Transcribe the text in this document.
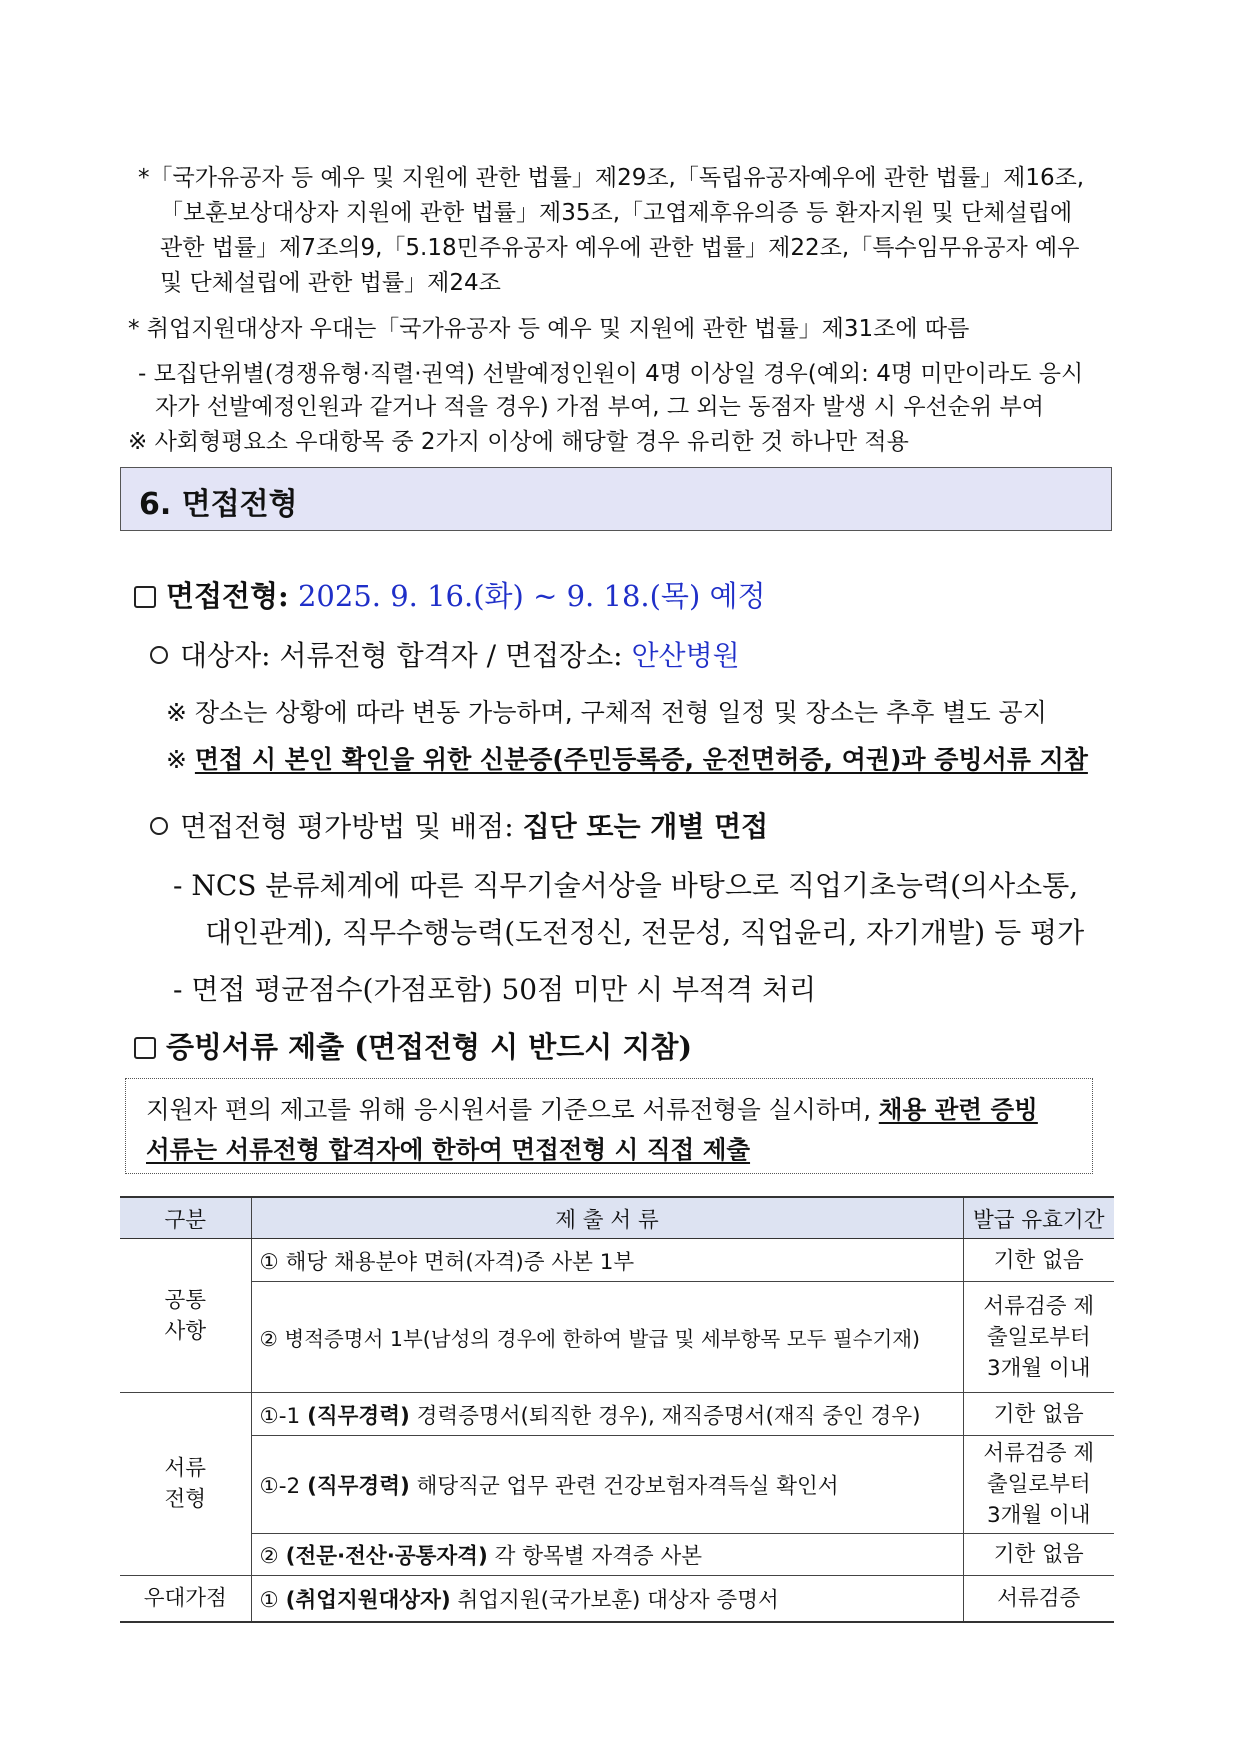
*「국가유공자 등 예우 및 지원에 관한 법률」제29조,「독립유공자예우에 관한 법률」제16조,
「보훈보상대상자 지원에 관한 법률」제35조,「고엽제후유의증 등 환자지원 및 단체설립에
관한 법률」제7조의9,「5.18민주유공자 예우에 관한 법률」제22조,「특수임무유공자 예우
및 단체설립에 관한 법률」제24조
* 취업지원대상자 우대는「국가유공자 등 예우 및 지원에 관한 법률」제31조에 따름
- 모집단위별(경쟁유형·직렬·권역) 선발예정인원이 4명 이상일 경우(예외: 4명 미만이라도 응시
자가 선발예정인원과 같거나 적을 경우) 가점 부여, 그 외는 동점자 발생 시 우선순위 부여
※ 사회형평요소 우대항목 중 2가지 이상에 해당할 경우 유리한 것 하나만 적용
6. 면접전형
면접전형: 2025. 9. 16.(화) ~ 9. 18.(목) 예정
대상자: 서류전형 합격자 / 면접장소: 안산병원
※ 장소는 상황에 따라 변동 가능하며, 구체적 전형 일정 및 장소는 추후 별도 공지
※ 면접 시 본인 확인을 위한 신분증(주민등록증, 운전면허증, 여권)과 증빙서류 지참
면접전형 평가방법 및 배점: 집단 또는 개별 면접
- NCS 분류체계에 따른 직무기술서상을 바탕으로 직업기초능력(의사소통,
대인관계), 직무수행능력(도전정신, 전문성, 직업윤리, 자기개발) 등 평가
- 면접 평균점수(가점포함) 50점 미만 시 부적격 처리
증빙서류 제출 (면접전형 시 반드시 지참)
지원자 편의 제고를 위해 응시원서를 기준으로 서류전형을 실시하며, 채용 관련 증빙
서류는 서류전형 합격자에 한하여 면접전형 시 직접 제출
구분	제 출 서 류	발급 유효기간

공통 사항	① 해당 채용분야 면허(자격)증 사본 1부	기한 없음
	② 병적증명서 1부(남성의 경우에 한하여 발급 및 세부항목 모두 필수기재)	서류검증 제출일로부터 3개월 이내

서류 전형	①-1 (직무경력) 경력증명서(퇴직한 경우), 재직증명서(재직 중인 경우)	기한 없음
	①-2 (직무경력) 해당직군 업무 관련 건강보험자격득실 확인서	서류검증 제출일로부터 3개월 이내

	② (전문·전산·공통자격) 각 항목별 자격증 사본	기한 없음
우대가점	① (취업지원대상자) 취업지원(국가보훈) 대상자 증명서	서류검증
